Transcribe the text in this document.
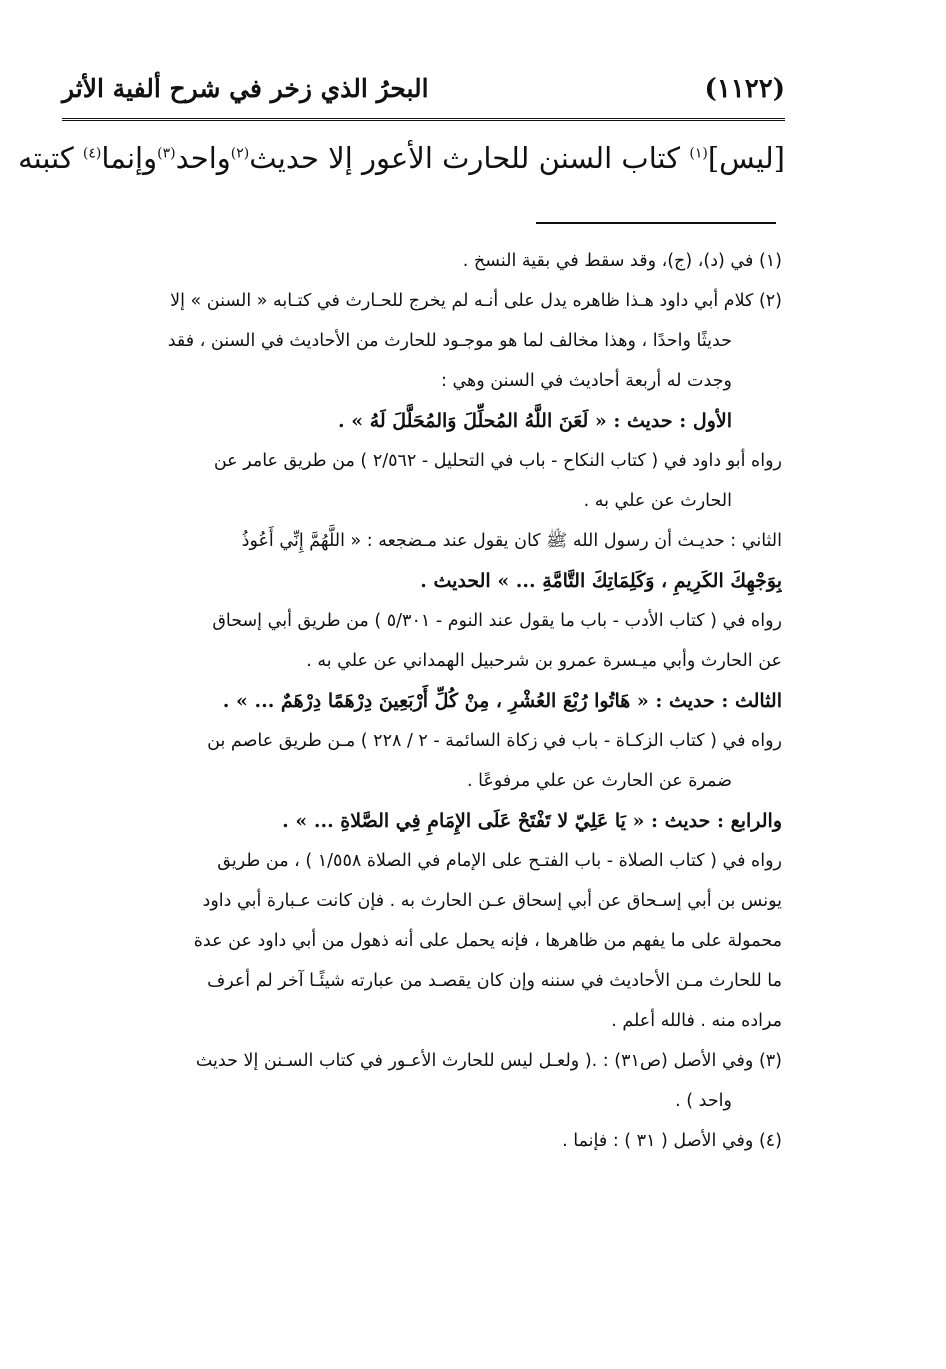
(١١٢٢)
البحرُ الذي زخر في شرح ألفية الأثر
[ليس]$^{(١)}$ كتاب السنن للحارث الأعور إلا حديث$^{(٢)}$واحد$^{(٣)}$وإنما$^{(٤)}$ كتبته
(١) في (د)، (ج)، وقد سقط في بقية النسخ .
(٢) كلام أبي داود هـذا ظاهره يدل على أنـه لم يخرج للحـارث في كتـابه « السنن » إلا
حديثًا واحدًا ، وهذا مخالف لما هو موجـود للحارث من الأحاديث في السنن ، فقد
وجدت له أربعة أحاديث في السنن وهي :
الأول : حديث : « لَعَنَ اللَّهُ المُحلِّلَ وَالمُحَلَّلَ لَهُ » .
رواه أبو داود في ( كتاب النكاح - باب في التحليل - ٢/٥٦٢ ) من طريق عامر عن
الحارث عن علي به .
الثاني : حديـث أن رسول الله ﷺ كان يقول عند مـضجعه : « اللَّهُمَّ إِنِّي أَعُوذُ
بِوَجْهِكَ الكَرِيمِ ، وَكَلِمَاتِكَ التَّامَّةِ ... » الحديث .
رواه في ( كتاب الأدب - باب ما يقول عند النوم - ٥/٣٠١ ) من طريق أبي إسحاق
عن الحارث وأبي ميـسرة عمرو بن شرحبيل الهمداني عن علي به .
الثالث : حديث : « هَاتُوا رُبْعَ العُشْرِ ، مِنْ كُلِّ أَرْبَعِينَ دِرْهَمًا دِرْهَمٌ ... » .
رواه في ( كتاب الزكـاة - باب في زكاة السائمة - ٢ / ٢٢٨ ) مـن طريق عاصم بن
ضمرة عن الحارث عن علي مرفوعًا .
والرابع : حديث : « يَا عَلِيّ لا تَفْتَحْ عَلَى الإِمَامِ فِي الصَّلاةِ ... » .
رواه في ( كتاب الصلاة - باب الفتـح على الإمام في الصلاة ١/٥٥٨ ) ، من طريق
يونس بن أبي إسـحاق عن أبي إسحاق عـن الحارث به . فإن كانت عـبارة أبي داود
محمولة على ما يفهم من ظاهرها ، فإنه يحمل على أنه ذهول من أبي داود عن عدة
ما للحارث مـن الأحاديث في سننه وإن كان يقصـد من عبارته شيئًـا آخر لم أعرف
مراده منه . فالله أعلم .
(٣) وفي الأصل (ص٣١) : .( ولعـل ليس للحارث الأعـور في كتاب السـنن إلا حديث
واحد ) .
(٤) وفي الأصل ( ٣١ ) : فإنما .
